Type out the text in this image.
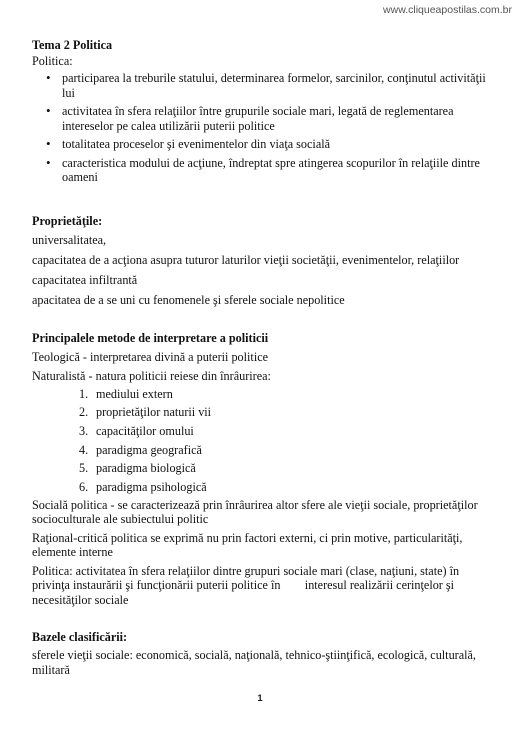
www.cliqueapostilas.com.br
Tema 2 Politica
Politica:
• participarea la treburile statului, determinarea formelor, sarcinilor, conţinutul activităţii lui
• activitatea în sfera relaţiilor între grupurile sociale mari, legată de reglementarea intereselor pe calea utilizării puterii politice
• totalitatea proceselor şi evenimentelor din viaţa socială
• caracteristica modului de acţiune, îndreptat spre atingerea scopurilor în relaţiile dintre oameni
Proprietăţile:
universalitatea,
capacitatea de a acţiona asupra tuturor laturilor vieţii societăţii, evenimentelor, relaţiilor
capacitatea infiltrantă
apacitatea de a se uni cu fenomenele şi sferele sociale nepolitice
Principalele metode de interpretare a politicii
Teologică - interpretarea divină a puterii politice
Naturalistă - natura politicii reiese din înrâurirea:
1. mediului extern
2. proprietăţilor naturii vii
3. capacităţilor omului
4. paradigma geografică
5. paradigma biologică
6. paradigma psihologică
Socială politica - se caracterizează prin înrâurirea altor sfere ale vieţii sociale, proprietăţilor socioculturale ale subiectului politic
Raţional-critică politica se exprimă nu prin factori externi, ci prin motive, particularităţi, elemente interne
Politica: activitatea în sfera relaţiilor dintre grupuri sociale mari (clase, naţiuni, state) în privinţa instaurării şi funcţionării puterii politice în        interesul realizării cerinţelor şi necesităţilor sociale
Bazele clasificării:
sferele vieţii sociale: economică, socială, naţională, tehnico-ştiinţifică, ecologică, culturală, militară
1
